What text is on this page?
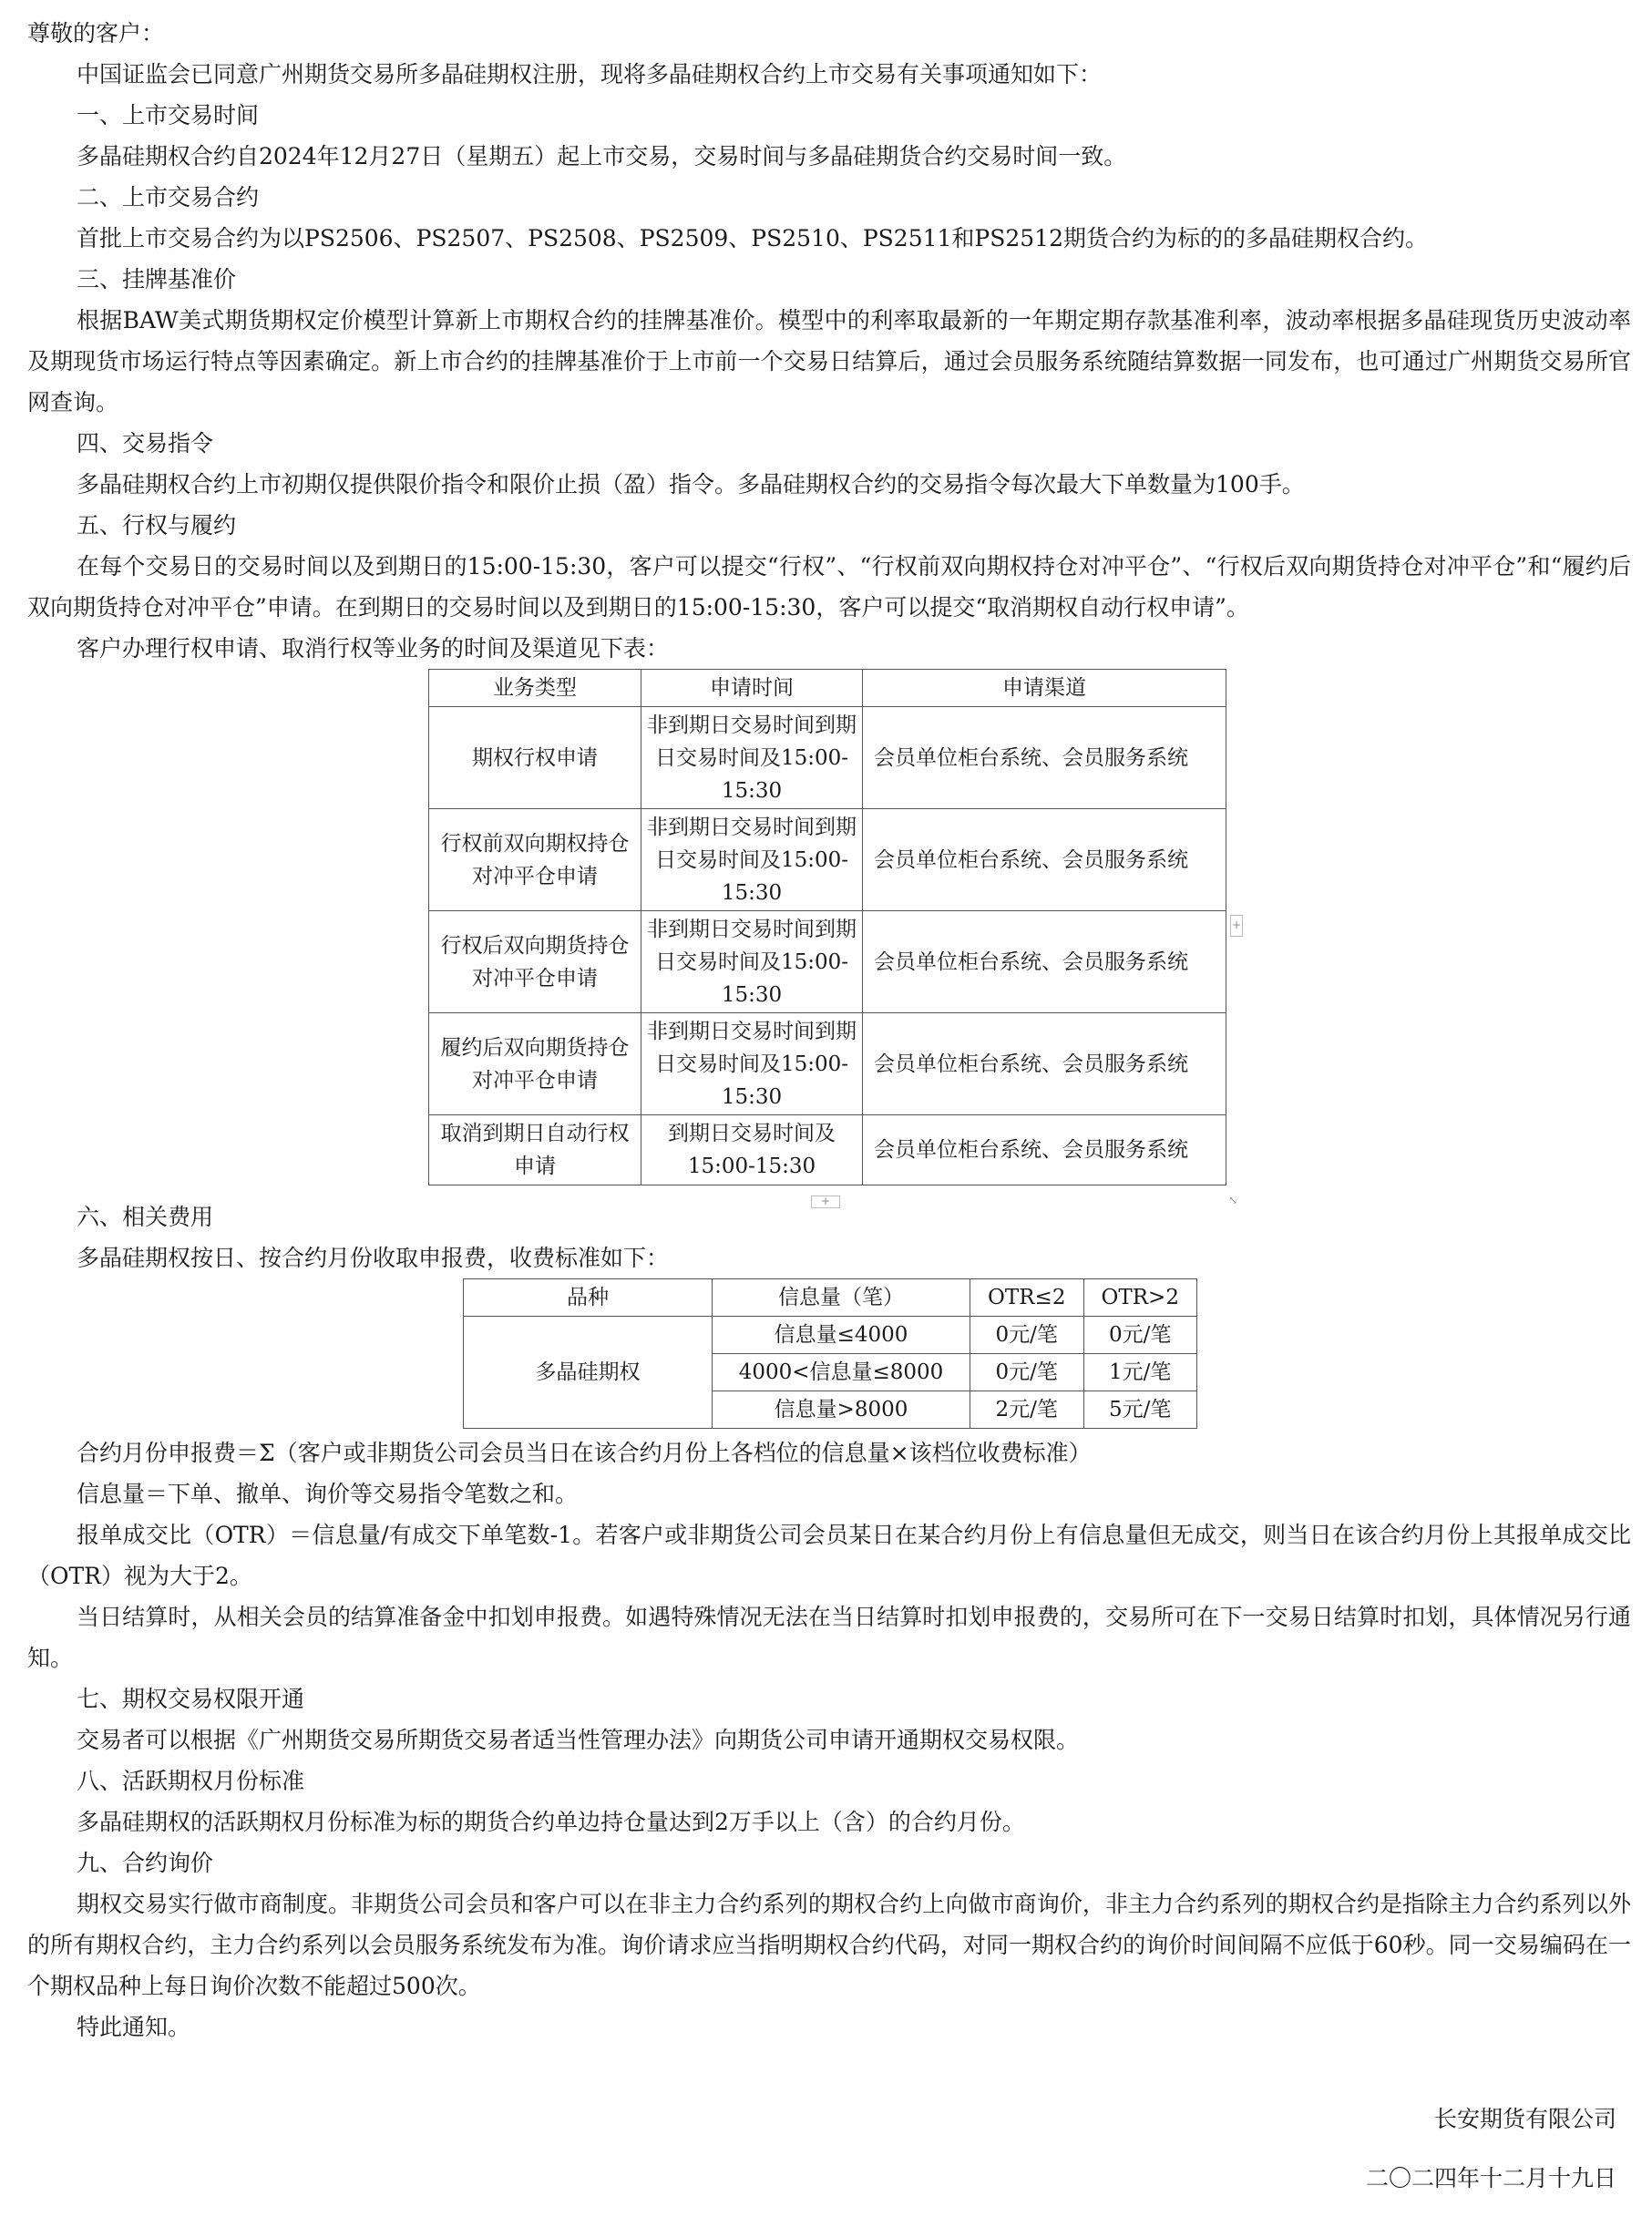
尊敬的客户：
中国证监会已同意广州期货交易所多晶硅期权注册，现将多晶硅期权合约上市交易有关事项通知如下：
一、上市交易时间
多晶硅期权合约自2024年12月27日（星期五）起上市交易，交易时间与多晶硅期货合约交易时间一致。
二、上市交易合约
首批上市交易合约为以PS2506、PS2507、PS2508、PS2509、PS2510、PS2511和PS2512期货合约为标的的多晶硅期权合约。
三、挂牌基准价
根据BAW美式期货期权定价模型计算新上市期权合约的挂牌基准价。模型中的利率取最新的一年期定期存款基准利率，波动率根据多晶硅现货历史波动率及期现货市场运行特点等因素确定。新上市合约的挂牌基准价于上市前一个交易日结算后，通过会员服务系统随结算数据一同发布，也可通过广州期货交易所官网查询。
四、交易指令
多晶硅期权合约上市初期仅提供限价指令和限价止损（盈）指令。多晶硅期权合约的交易指令每次最大下单数量为100手。
五、行权与履约
在每个交易日的交易时间以及到期日的15:00-15:30，客户可以提交“行权”、“行权前双向期权持仓对冲平仓”、“行权后双向期货持仓对冲平仓”和“履约后双向期货持仓对冲平仓”申请。在到期日的交易时间以及到期日的15:00-15:30，客户可以提交“取消期权自动行权申请”。
客户办理行权申请、取消行权等业务的时间及渠道见下表：
业务类型	申请时间	申请渠道
期权行权申请	非到期日交易时间到期日交易时间及15:00-15:30	会员单位柜台系统、会员服务系统
行权前双向期权持仓对冲平仓申请	非到期日交易时间到期日交易时间及15:00-15:30	会员单位柜台系统、会员服务系统
行权后双向期货持仓对冲平仓申请	非到期日交易时间到期日交易时间及15:00-15:30	会员单位柜台系统、会员服务系统
履约后双向期货持仓对冲平仓申请	非到期日交易时间到期日交易时间及15:00-15:30	会员单位柜台系统、会员服务系统
取消到期日自动行权申请	到期日交易时间及15:00-15:30	会员单位柜台系统、会员服务系统
+
+	⤡
六、相关费用
多晶硅期权按日、按合约月份收取申报费，收费标准如下：
品种	信息量（笔）	OTR≤2	OTR>2
多晶硅期权	信息量≤4000	0元/笔	0元/笔
	4000<信息量≤8000	0元/笔	1元/笔
	信息量>8000	2元/笔	5元/笔
合约月份申报费＝Σ（客户或非期货公司会员当日在该合约月份上各档位的信息量×该档位收费标准）
信息量＝下单、撤单、询价等交易指令笔数之和。
报单成交比（OTR）＝信息量/有成交下单笔数-1。若客户或非期货公司会员某日在某合约月份上有信息量但无成交，则当日在该合约月份上其报单成交比（OTR）视为大于2。
当日结算时，从相关会员的结算准备金中扣划申报费。如遇特殊情况无法在当日结算时扣划申报费的，交易所可在下一交易日结算时扣划，具体情况另行通知。
七、期权交易权限开通
交易者可以根据《广州期货交易所期货交易者适当性管理办法》向期货公司申请开通期权交易权限。
八、活跃期权月份标准
多晶硅期权的活跃期权月份标准为标的期货合约单边持仓量达到2万手以上（含）的合约月份。
九、合约询价
期权交易实行做市商制度。非期货公司会员和客户可以在非主力合约系列的期权合约上向做市商询价，非主力合约系列的期权合约是指除主力合约系列以外的所有期权合约，主力合约系列以会员服务系统发布为准。询价请求应当指明期权合约代码，对同一期权合约的询价时间间隔不应低于60秒。同一交易编码在一个期权品种上每日询价次数不能超过500次。
特此通知。
长安期货有限公司
二〇二四年十二月十九日
